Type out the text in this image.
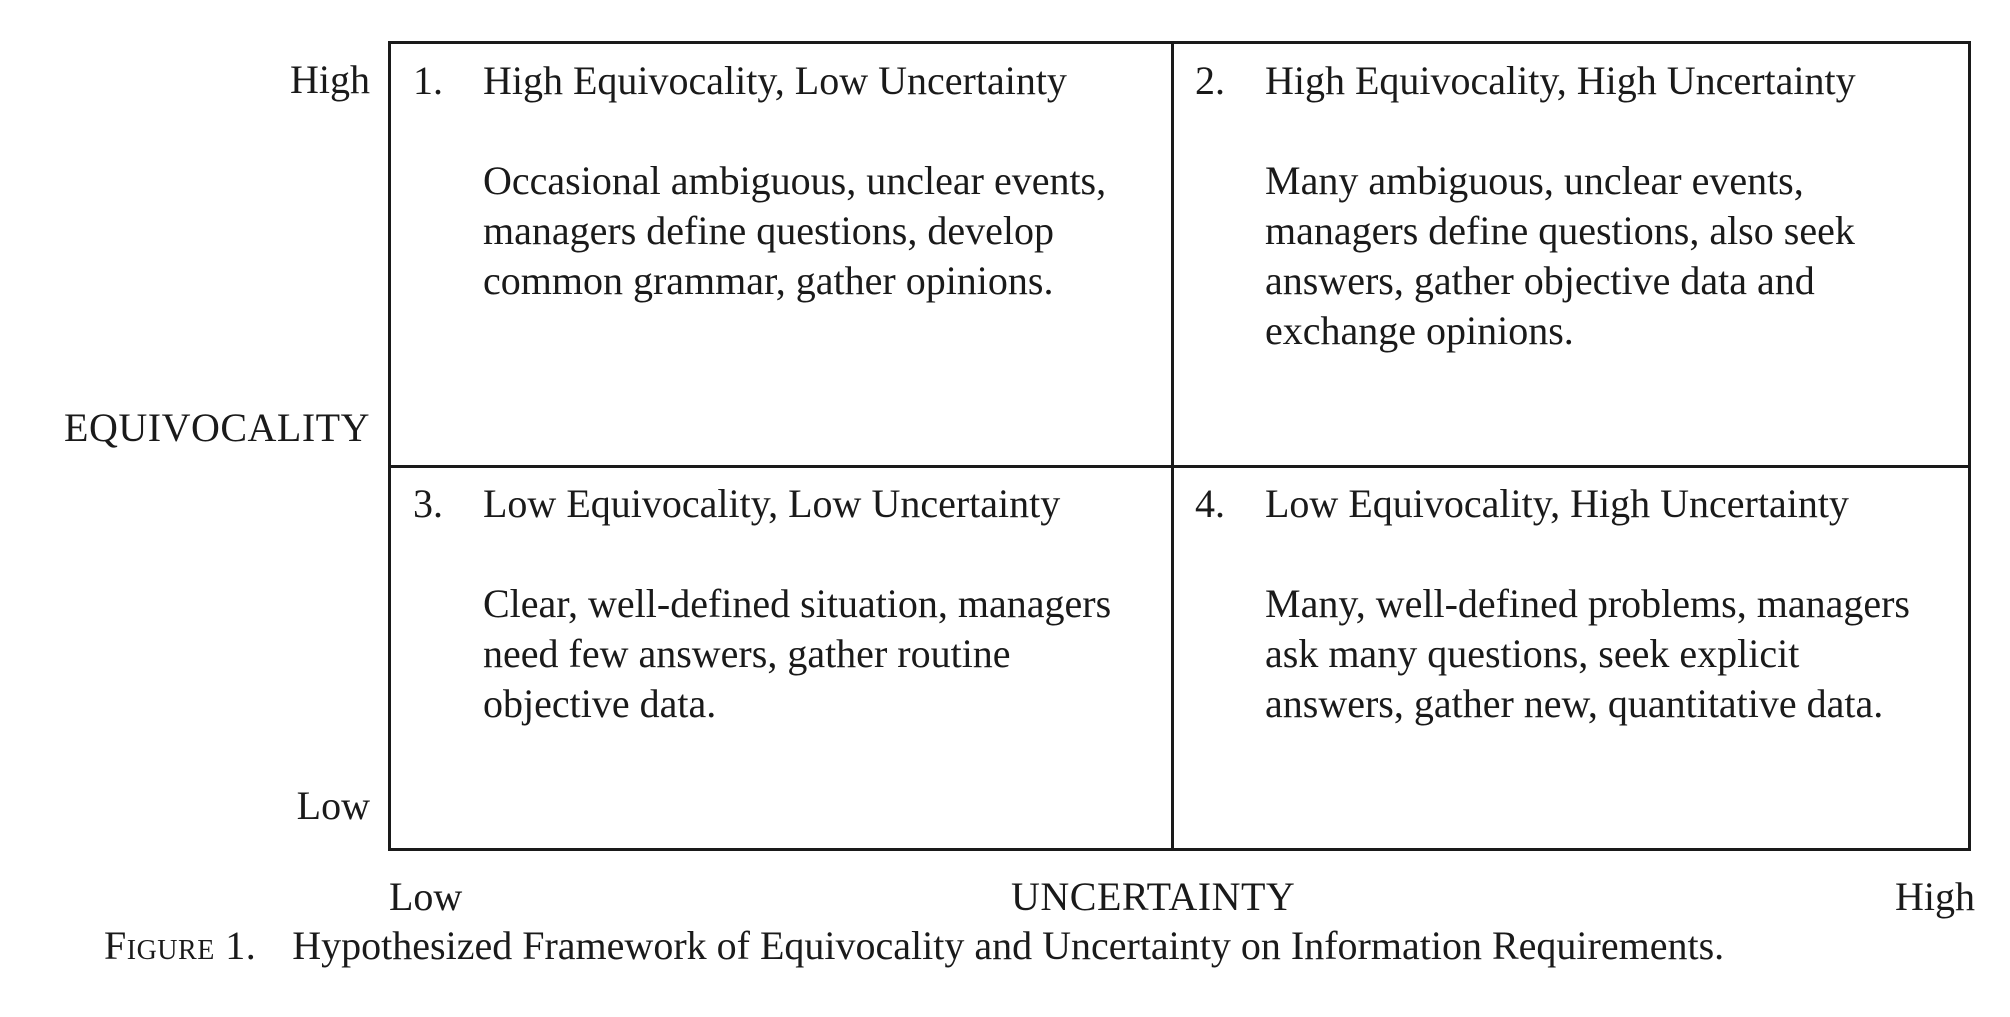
High
EQUIVOCALITY
Low
1. High Equivocality, Low Uncertainty
Occasional ambiguous, unclear events,
managers define questions, develop
common grammar, gather opinions.
2. High Equivocality, High Uncertainty
Many ambiguous, unclear events,
managers define questions, also seek
answers, gather objective data and
exchange opinions.
3. Low Equivocality, Low Uncertainty
Clear, well-defined situation, managers
need few answers, gather routine
objective data.
4. Low Equivocality, High Uncertainty
Many, well-defined problems, managers
ask many questions, seek explicit
answers, gather new, quantitative data.
Low	UNCERTAINTY	High
Figure 1. Hypothesized Framework of Equivocality and Uncertainty on Information Requirements.
